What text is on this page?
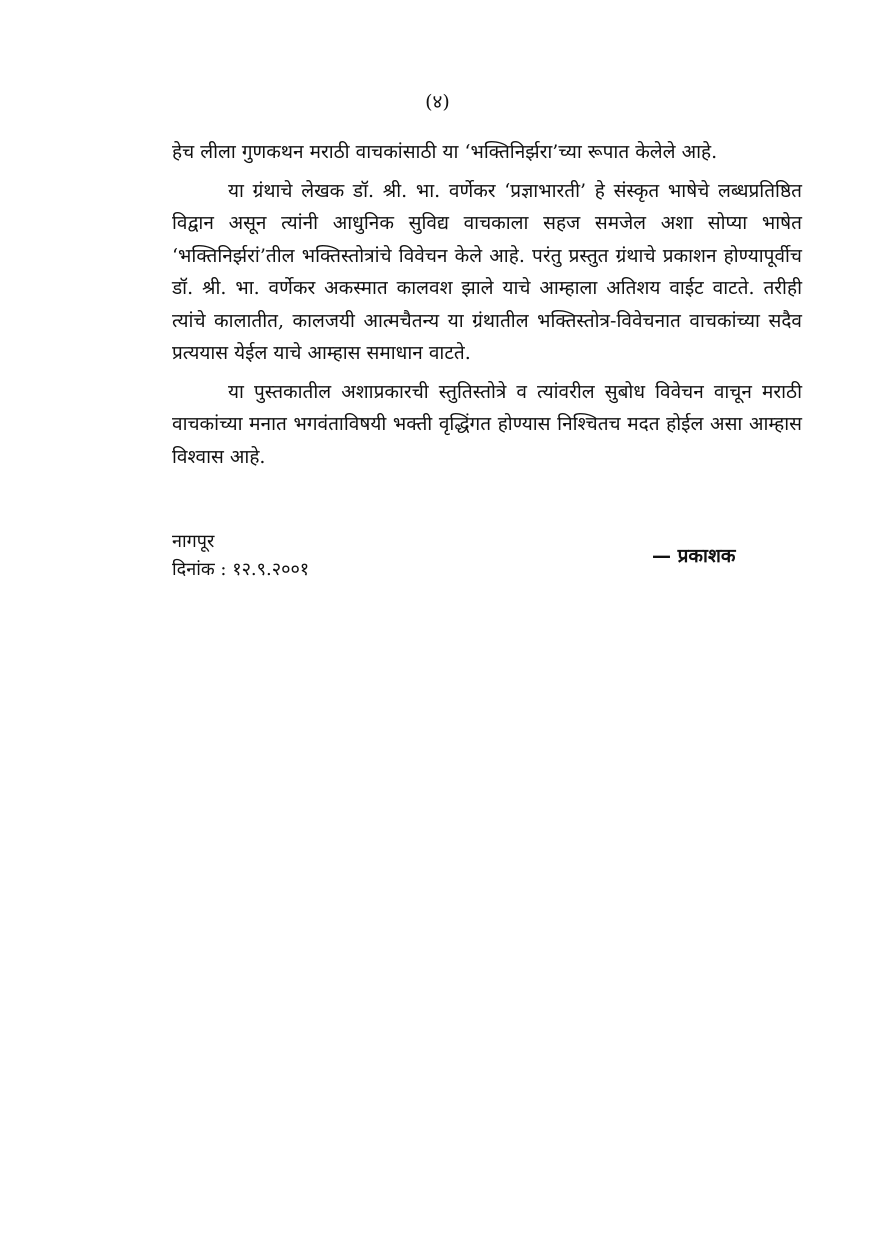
(४)

हेच लीला गुणकथन मराठी वाचकांसाठी या ‘भक्तिनिर्झरा’च्या रूपात केलेले आहे.

या ग्रंथाचे लेखक डॉ. श्री. भा. वर्णेकर ‘प्रज्ञाभारती’ हे संस्कृत भाषेचे लब्धप्रतिष्ठित विद्वान असून त्यांनी आधुनिक सुविद्य वाचकाला सहज समजेल अशा सोप्या भाषेत ‘भक्तिनिर्झरां’तील भक्तिस्तोत्रांचे विवेचन केले आहे. परंतु प्रस्तुत ग्रंथाचे प्रकाशन होण्यापूर्वीच डॉ. श्री. भा. वर्णेकर अकस्मात कालवश झाले याचे आम्हाला अतिशय वाईट वाटते. तरीही त्यांचे कालातीत, कालजयी आत्मचैतन्य या ग्रंथातील भक्तिस्तोत्र-विवेचनात वाचकांच्या सदैव प्रत्ययास येईल याचे आम्हास समाधान वाटते.

या पुस्तकातील अशाप्रकारची स्तुतिस्तोत्रे व त्यांवरील सुबोध विवेचन वाचून मराठी वाचकांच्या मनात भगवंताविषयी भक्ती वृद्धिंगत होण्यास निश्चितच मदत होईल असा आम्हास विश्वास आहे.

नागपूर
दिनांक : १२.९.२००१
— प्रकाशक
